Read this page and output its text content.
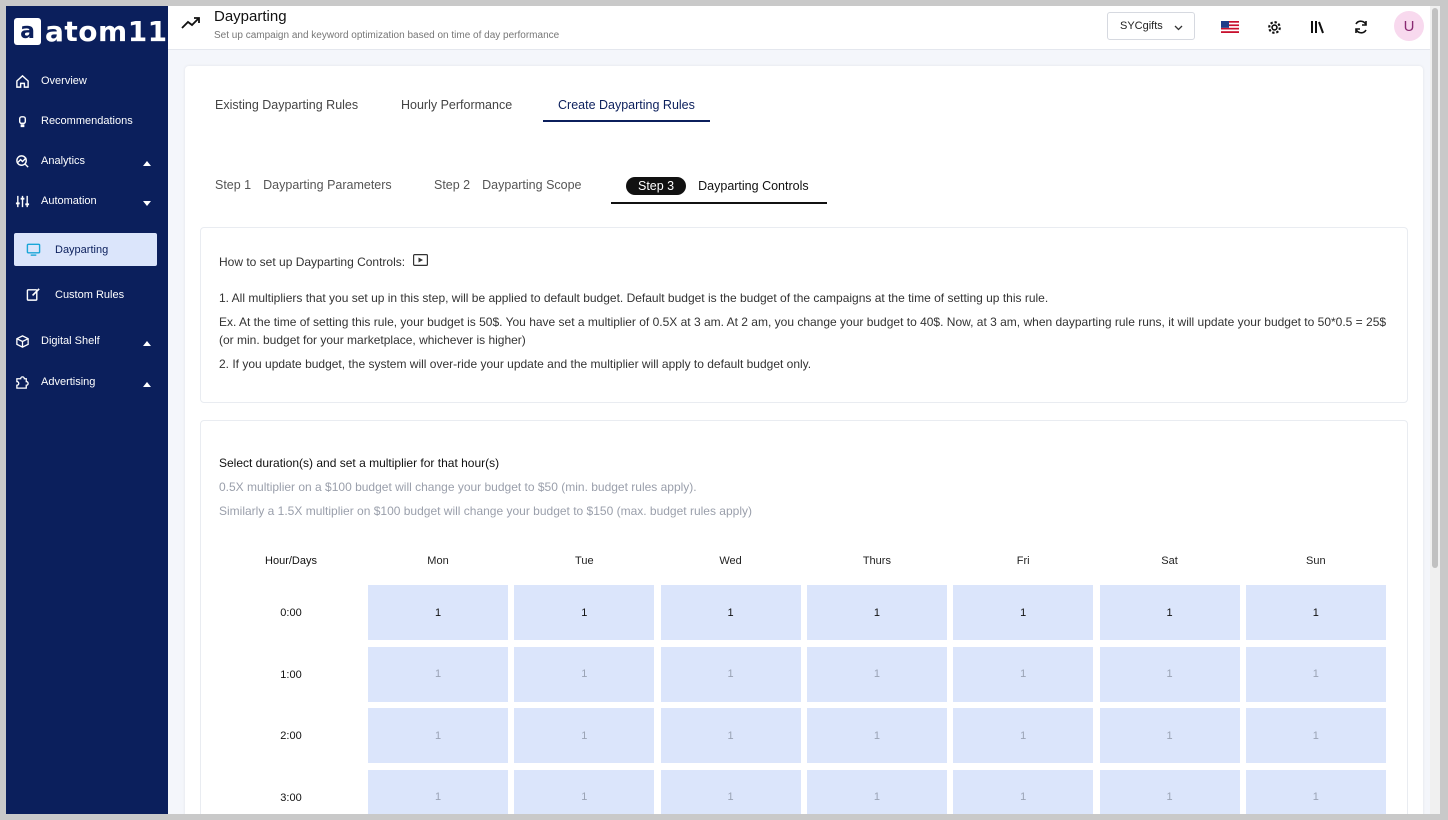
a atom11
Overview
Recommendations
Analytics
Automation
Dayparting
Custom Rules
Digital Shelf
Advertising
Dayparting
Set up campaign and keyword optimization based on time of day performance
SYCgifts	U
Existing Dayparting Rules	Hourly Performance	Create Dayparting Rules
Step 1 Dayparting Parameters	Step 2 Dayparting Scope	Step 3	Dayparting Controls
How to set up Dayparting Controls:
1. All multipliers that you set up in this step, will be applied to default budget. Default budget is the budget of the campaigns at the time of setting up this rule.
Ex. At the time of setting this rule, your budget is 50$. You have set a multiplier of 0.5X at 3 am. At 2 am, you change your budget to 40$. Now, at 3 am, when dayparting rule runs, it will update your budget to 50*0.5 = 25$ (or min. budget for your marketplace, whichever is higher)
2. If you update budget, the system will over-ride your update and the multiplier will apply to default budget only.
Select duration(s) and set a multiplier for that hour(s)
0.5X multiplier on a $100 budget will change your budget to $50 (min. budget rules apply).
Similarly a 1.5X multiplier on $100 budget will change your budget to $150 (max. budget rules apply)
Hour/Days	Mon	Tue	Wed	Thurs	Fri	Sat	Sun
0:00	1	1	1	1	1	1	1
1:00	1	1	1	1	1	1	1
2:00	1	1	1	1	1	1	1
3:00	1	1	1	1	1	1	1
